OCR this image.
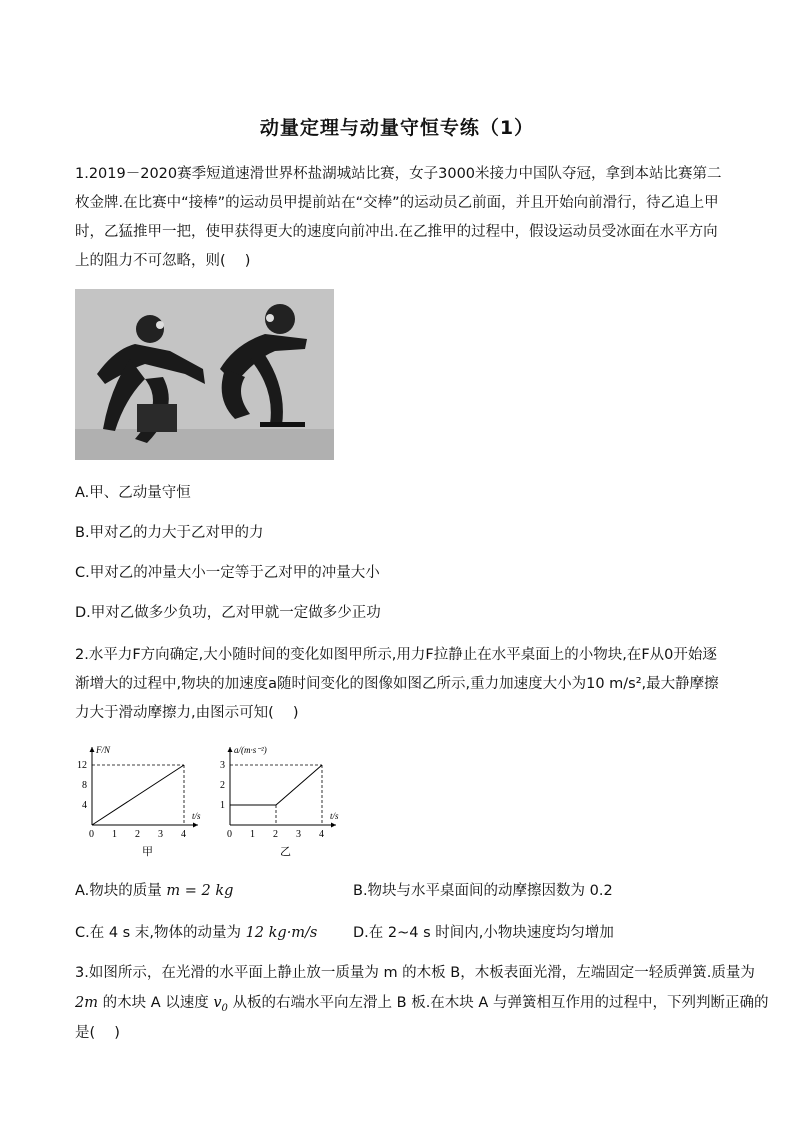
动量定理与动量守恒专练（1）
1.2019－2020赛季短道速滑世界杯盐湖城站比赛，女子3000米接力中国队夺冠，拿到本站比赛第二枚金牌.在比赛中“接棒”的运动员甲提前站在“交棒”的运动员乙前面，并且开始向前滑行，待乙追上甲时，乙猛推甲一把，使甲获得更大的速度向前冲出.在乙推甲的过程中，假设运动员受冰面在水平方向上的阻力不可忽略，则(　 )
A.甲、乙动量守恒
B.甲对乙的力大于乙对甲的力
C.甲对乙的冲量大小一定等于乙对甲的冲量大小
D.甲对乙做多少负功，乙对甲就一定做多少正功
2.水平力F方向确定,大小随时间的变化如图甲所示,用力F拉静止在水平桌面上的小物块,在F从0开始逐渐增大的过程中,物块的加速度a随时间变化的图像如图乙所示,重力加速度大小为10 m/s²,最大静摩擦力大于滑动摩擦力,由图示可知(　 )
F/N
t/s
0 1 2 3 4
4
8
12
甲
a/(m·s⁻²)
t/s
0 1 2 3 4
1
2
3
乙
A.物块的质量 m = 2 kg	B.物块与水平桌面间的动摩擦因数为 0.2
C.在 4 s 末,物体的动量为 12 kg·m/s D.在 2~4 s 时间内,小物块速度均匀增加
3.如图所示，在光滑的水平面上静止放一质量为 m 的木板 B，木板表面光滑，左端固定一轻质弹簧.质量为
2m 的木块 A 以速度 $v_0$ 从板的右端水平向左滑上 B 板.在木块 A 与弹簧相互作用的过程中，下列判断正确的
是(　 )
